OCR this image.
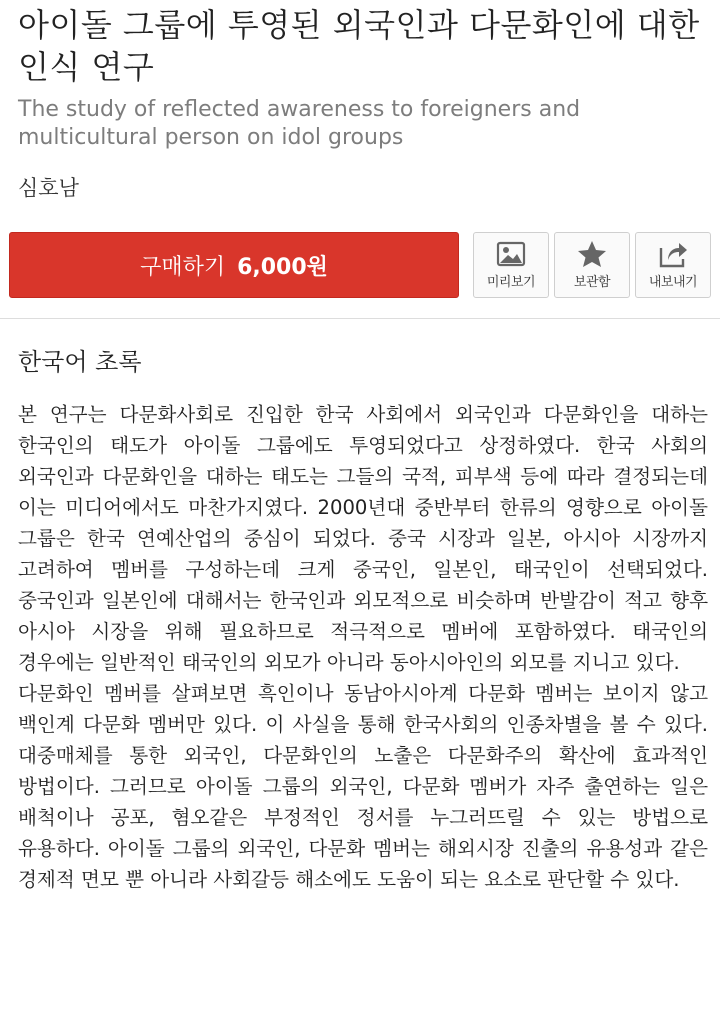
아이돌 그룹에 투영된 외국인과 다문화인에 대한 인식 연구
The study of reflected awareness to foreigners and multicultural person on idol groups
심호남
구매하기 6,000원
미리보기	보관함	내보내기
한국어 초록

본 연구는 다문화사회로 진입한 한국 사회에서 외국인과 다문화인을 대하는 한국인의 태도가 아이돌 그룹에도 투영되었다고 상정하였다. 한국 사회의 외국인과 다문화인을 대하는 태도는 그들의 국적, 피부색 등에 따라 결정되는데 이는 미디어에서도 마찬가지였다. 2000년대 중반부터 한류의 영향으로 아이돌 그룹은 한국 연예산업의 중심이 되었다. 중국 시장과 일본, 아시아 시장까지 고려하여 멤버를 구성하는데 크게 중국인, 일본인, 태국인이 선택되었다. 중국인과 일본인에 대해서는 한국인과 외모적으로 비슷하며 반발감이 적고 향후 아시아 시장을 위해 필요하므로 적극적으로 멤버에 포함하였다. 태국인의 경우에는 일반적인 태국인의 외모가 아니라 동아시아인의 외모를 지니고 있다.

다문화인 멤버를 살펴보면 흑인이나 동남아시아계 다문화 멤버는 보이지 않고 백인계 다문화 멤버만 있다. 이 사실을 통해 한국사회의 인종차별을 볼 수 있다. 대중매체를 통한 외국인, 다문화인의 노출은 다문화주의 확산에 효과적인 방법이다. 그러므로 아이돌 그룹의 외국인, 다문화 멤버가 자주 출연하는 일은 배척이나 공포, 혐오같은 부정적인 정서를 누그러뜨릴 수 있는 방법으로 유용하다. 아이돌 그룹의 외국인, 다문화 멤버는 해외시장 진출의 유용성과 같은 경제적 면모 뿐 아니라 사회갈등 해소에도 도움이 되는 요소로 판단할 수 있다.
